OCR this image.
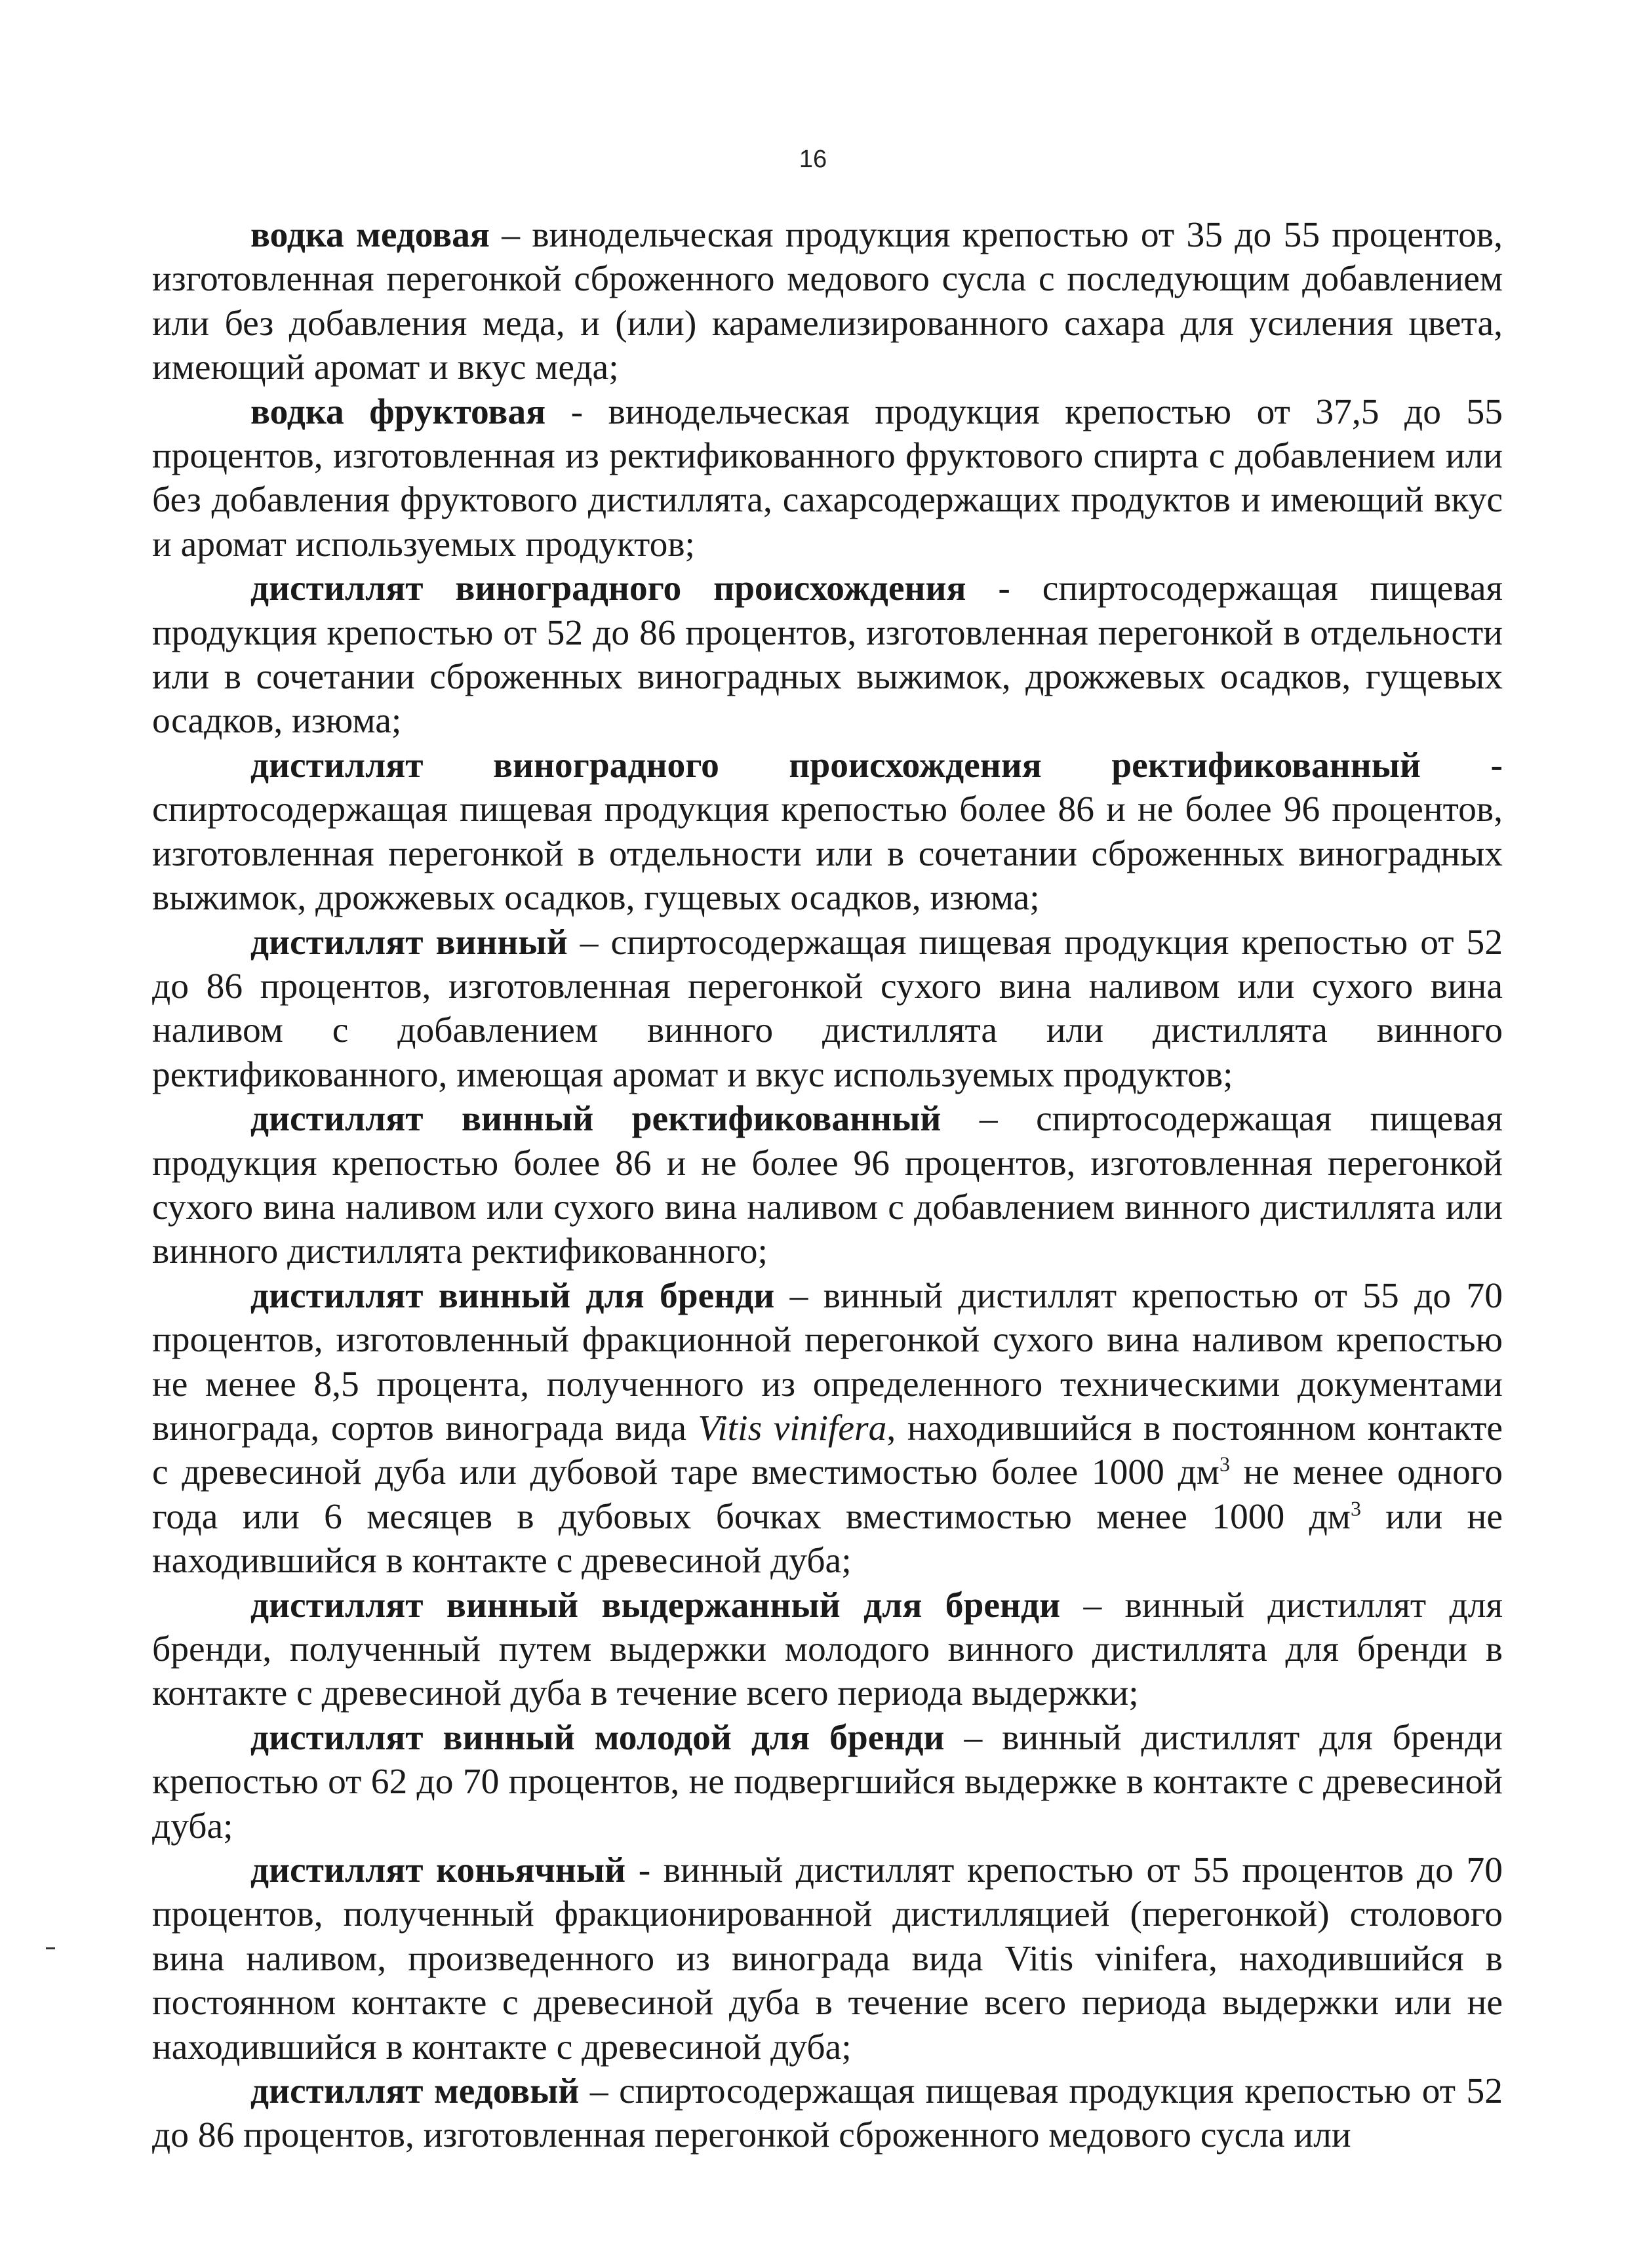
16

водка медовая – винодельческая продукция крепостью от 35 до 55 процентов, изготовленная перегонкой сброженного медового сусла с последующим добавлением или без добавления меда, и (или) карамелизированного сахара для усиления цвета, имеющий аромат и вкус меда;

водка фруктовая - винодельческая продукция крепостью от 37,5 до 55 процентов, изготовленная из ректификованного фруктового спирта с добавлением или без добавления фруктового дистиллята, сахарсодержащих продуктов и имеющий вкус и аромат используемых продуктов;

дистиллят виноградного происхождения - спиртосодержащая пищевая продукция крепостью от 52 до 86 процентов, изготовленная перегонкой в отдельности или в сочетании сброженных виноградных выжимок, дрожжевых осадков, гущевых осадков, изюма;

дистиллят виноградного происхождения ректификованный - спиртосодержащая пищевая продукция крепостью более 86 и не более 96 процентов, изготовленная перегонкой в отдельности или в сочетании сброженных виноградных выжимок, дрожжевых осадков, гущевых осадков, изюма;

дистиллят винный – спиртосодержащая пищевая продукция крепостью от 52 до 86 процентов, изготовленная перегонкой сухого вина наливом или сухого вина наливом с добавлением винного дистиллята или дистиллята винного ректификованного, имеющая аромат и вкус используемых продуктов;

дистиллят винный ректификованный – спиртосодержащая пищевая продукция крепостью более 86 и не более 96 процентов, изготовленная перегонкой сухого вина наливом или сухого вина наливом с добавлением винного дистиллята или винного дистиллята ректификованного;

дистиллят винный для бренди – винный дистиллят крепостью от 55 до 70 процентов, изготовленный фракционной перегонкой сухого вина наливом крепостью не менее 8,5 процента, полученного из определенного техническими документами винограда, сортов винограда вида Vitis vinifera, находившийся в постоянном контакте с древесиной дуба или дубовой таре вместимостью более 1000 $дм^3$ не менее одного года или 6 месяцев в дубовых бочках вместимостью менее 1000 $дм^3$ или не находившийся в контакте с древесиной дуба;

дистиллят винный выдержанный для бренди – винный дистиллят для бренди, полученный путем выдержки молодого винного дистиллята для бренди в контакте с древесиной дуба в течение всего периода выдержки;

дистиллят винный молодой для бренди – винный дистиллят для бренди крепостью от 62 до 70 процентов, не подвергшийся выдержке в контакте с древесиной дуба;

дистиллят коньячный - винный дистиллят крепостью от 55 процентов до 70 процентов, полученный фракционированной дистилляцией (перегонкой) столового вина наливом, произведенного из винограда вида Vitis vinifera, находившийся в постоянном контакте с древесиной дуба в течение всего периода выдержки или не находившийся в контакте с древесиной дуба;

дистиллят медовый – спиртосодержащая пищевая продукция крепостью от 52 до 86 процентов, изготовленная перегонкой сброженного медового сусла или
